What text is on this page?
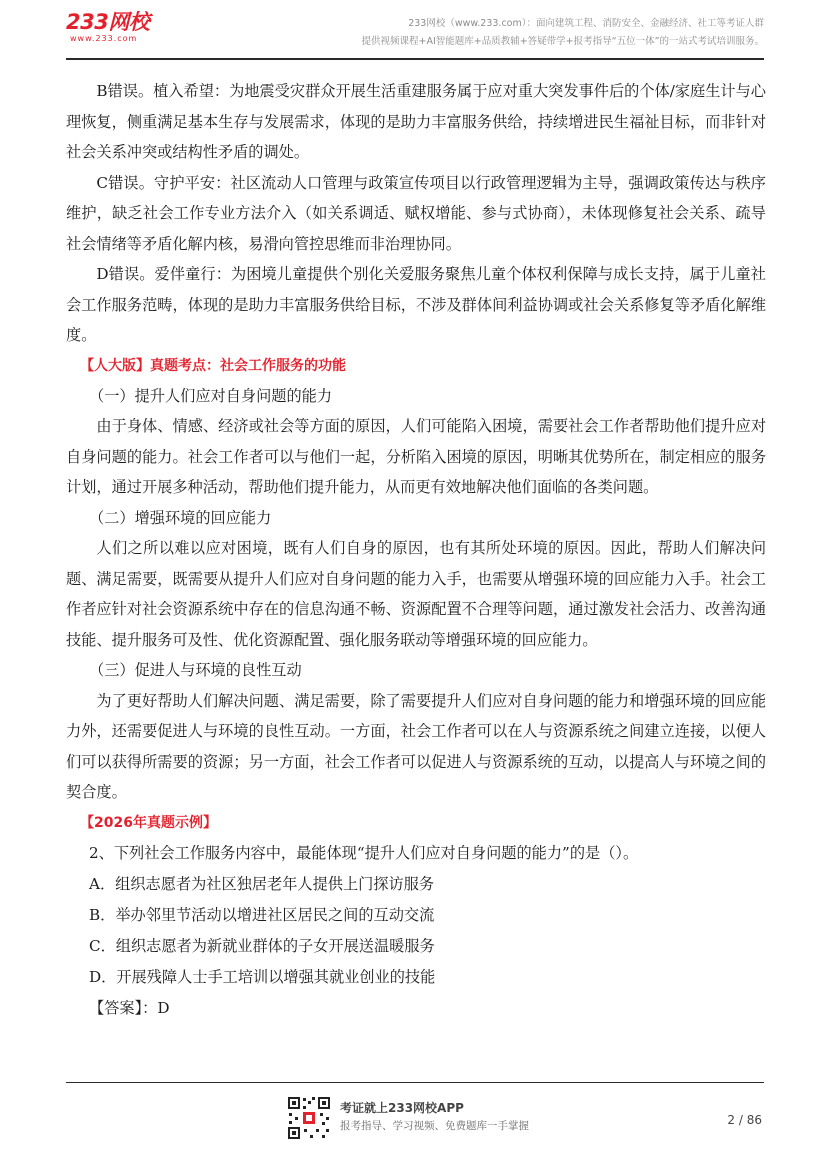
233网校
www.233.com
233网校（www.233.com）：面向建筑工程、消防安全、金融经济、社工等考证人群
提供视频课程+AI智能题库+品质教辅+答疑带学+报考指导“五位一体”的一站式考试培训服务。

B错误。植入希望：为地震受灾群众开展生活重建服务属于应对重大突发事件后的个体/家庭生计与心理恢复，侧重满足基本生存与发展需求，体现的是助力丰富服务供给，持续增进民生福祉目标，而非针对社会关系冲突或结构性矛盾的调处。

C错误。守护平安：社区流动人口管理与政策宣传项目以行政管理逻辑为主导，强调政策传达与秩序维护，缺乏社会工作专业方法介入（如关系调适、赋权增能、参与式协商），未体现修复社会关系、疏导社会情绪等矛盾化解内核，易滑向管控思维而非治理协同。

D错误。爱伴童行：为困境儿童提供个别化关爱服务聚焦儿童个体权利保障与成长支持，属于儿童社会工作服务范畴，体现的是助力丰富服务供给目标，不涉及群体间利益协调或社会关系修复等矛盾化解维度。

【人大版】真题考点：社会工作服务的功能

（一）提升人们应对自身问题的能力

由于身体、情感、经济或社会等方面的原因，人们可能陷入困境，需要社会工作者帮助他们提升应对自身问题的能力。社会工作者可以与他们一起，分析陷入困境的原因，明晰其优势所在，制定相应的服务计划，通过开展多种活动，帮助他们提升能力，从而更有效地解决他们面临的各类问题。

（二）增强环境的回应能力

人们之所以难以应对困境，既有人们自身的原因，也有其所处环境的原因。因此，帮助人们解决问题、满足需要，既需要从提升人们应对自身问题的能力入手，也需要从增强环境的回应能力入手。社会工作者应针对社会资源系统中存在的信息沟通不畅、资源配置不合理等问题，通过激发社会活力、改善沟通技能、提升服务可及性、优化资源配置、强化服务联动等增强环境的回应能力。

（三）促进人与环境的良性互动

为了更好帮助人们解决问题、满足需要，除了需要提升人们应对自身问题的能力和增强环境的回应能力外，还需要促进人与环境的良性互动。一方面，社会工作者可以在人与资源系统之间建立连接，以便人们可以获得所需要的资源；另一方面，社会工作者可以促进人与资源系统的互动，以提高人与环境之间的契合度。

【2026年真题示例】

2、下列社会工作服务内容中，最能体现“提升人们应对自身问题的能力”的是（）。

A．组织志愿者为社区独居老年人提供上门探访服务

B．举办邻里节活动以增进社区居民之间的互动交流

C．组织志愿者为新就业群体的子女开展送温暖服务

D．开展残障人士手工培训以增强其就业创业的技能

【答案】：D

考证就上233网校APP
报考指导、学习视频、免费题库一手掌握	2 / 86
